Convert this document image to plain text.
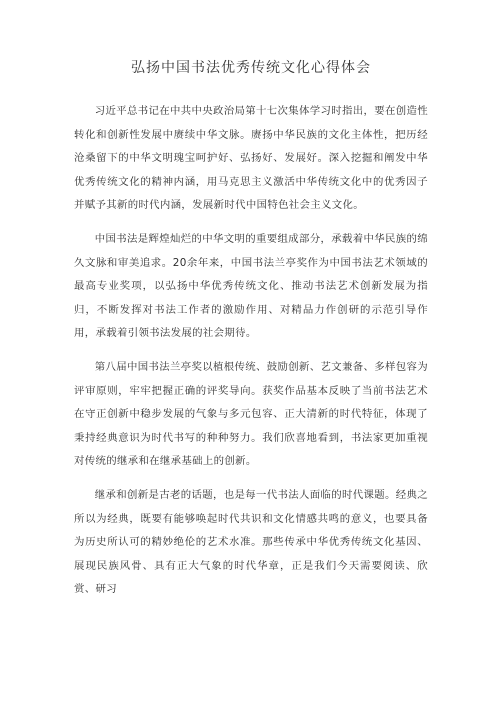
弘扬中国书法优秀传统文化心得体会

习近平总书记在中共中央政治局第十七次集体学习时指出，要在创造性转化和创新性发展中赓续中华文脉。赓扬中华民族的文化主体性，把历经沧桑留下的中华文明瑰宝呵护好、弘扬好、发展好。深入挖掘和阐发中华优秀传统文化的精神内涵，用马克思主义激活中华传统文化中的优秀因子并赋予其新的时代内涵，发展新时代中国特色社会主义文化。

中国书法是辉煌灿烂的中华文明的重要组成部分，承载着中华民族的绵久文脉和审美追求。20余年来，中国书法兰亭奖作为中国书法艺术领域的最高专业奖项，以弘扬中华优秀传统文化、推动书法艺术创新发展为指归，不断发挥对书法工作者的激励作用、对精品力作创研的示范引导作用，承载着引领书法发展的社会期待。

第八届中国书法兰亭奖以植根传统、鼓励创新、艺文兼备、多样包容为评审原则，牢牢把握正确的评奖导向。获奖作品基本反映了当前书法艺术在守正创新中稳步发展的气象与多元包容、正大清新的时代特征，体现了秉持经典意识为时代书写的种种努力。我们欣喜地看到，书法家更加重视对传统的继承和在继承基础上的创新。

继承和创新是古老的话题，也是每一代书法人面临的时代课题。经典之所以为经典，既要有能够唤起时代共识和文化情感共鸣的意义，也要具备为历史所认可的精妙绝伦的艺术水准。那些传承中华优秀传统文化基因、展现民族风骨、具有正大气象的时代华章，正是我们今天需要阅读、欣赏、研习
